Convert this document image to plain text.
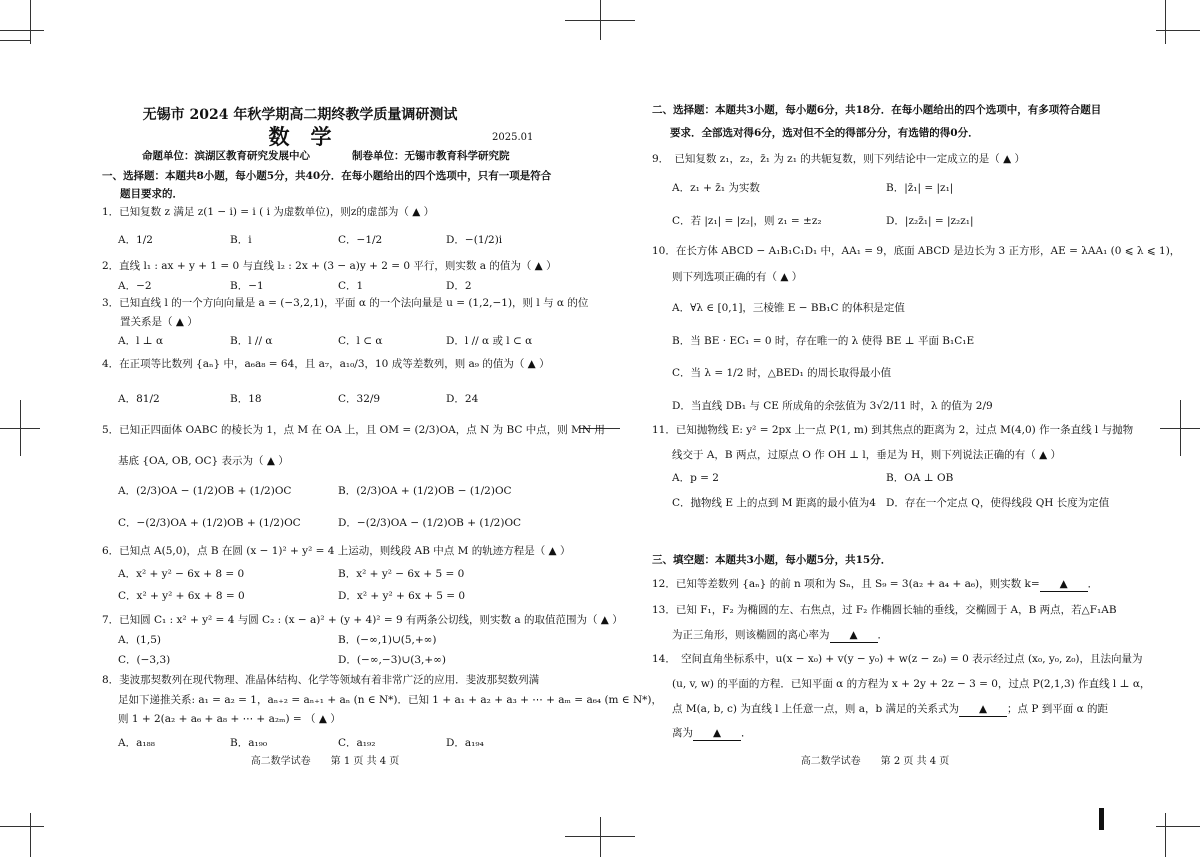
无锡市 2024 年秋学期高二期终教学质量调研测试
数　学	2025.01
命题单位：滨湖区教育研究发展中心　　　　制卷单位：无锡市教育科学研究院
一、选择题：本题共8小题，每小题5分，共40分．在每小题给出的四个选项中，只有一项是符合
题目要求的．
1．已知复数 z 满足 z(1 − i) = i ( i 为虚数单位)，则z的虚部为（ ▲ ）
A．1/2	B．i	C．−1/2	D．−(1/2)i
2．直线 l₁ : ax + y + 1 = 0 与直线 l₂ : 2x + (3 − a)y + 2 = 0 平行，则实数 a 的值为（ ▲ ）
A．−2	B．−1	C．1	D．2
3．已知直线 l 的一个方向向量是 a = (−3,2,1)，平面 α 的一个法向量是 u = (1,2,−1)，则 l 与 α 的位
置关系是（ ▲ ）
A．l ⊥ α	B．l // α	C．l ⊂ α	D．l // α 或 l ⊂ α
4．在正项等比数列 {aₙ} 中，a₆a₈ = 64，且 a₇，a₁₀/3，10 成等差数列，则 a₉ 的值为（ ▲ ）
A．81/2	B．18	C．32/9	D．24
5．已知正四面体 OABC 的棱长为 1，点 M 在 OA 上，且 OM = (2/3)OA，点 N 为 BC 中点，则 MN 用
基底 {OA, OB, OC} 表示为（ ▲ ）
A．(2/3)OA − (1/2)OB + (1/2)OC	B．(2/3)OA + (1/2)OB − (1/2)OC
C．−(2/3)OA + (1/2)OB + (1/2)OC	D．−(2/3)OA − (1/2)OB + (1/2)OC
6．已知点 A(5,0)，点 B 在圆 (x − 1)² + y² = 4 上运动，则线段 AB 中点 M 的轨迹方程是（ ▲ ）
A．x² + y² − 6x + 8 = 0	B．x² + y² − 6x + 5 = 0
C．x² + y² + 6x + 8 = 0	D．x² + y² + 6x + 5 = 0
7．已知圆 C₁ : x² + y² = 4 与圆 C₂ : (x − a)² + (y + 4)² = 9 有两条公切线，则实数 a 的取值范围为（ ▲ ）
A．(1,5)	B．(−∞,1)∪(5,+∞)
C．(−3,3)	D．(−∞,−3)∪(3,+∞)
8．斐波那契数列在现代物理、准晶体结构、化学等领域有着非常广泛的应用．斐波那契数列满
足如下递推关系: a₁ = a₂ = 1，aₙ₊₂ = aₙ₊₁ + aₙ (n ∈ N*)．已知 1 + a₁ + a₂ + a₃ + ⋯ + aₘ = a₆₄ (m ∈ N*)，
则 1 + 2(a₂ + a₆ + a₈ + ⋯ + a₂ₘ) = （ ▲ ）
A．a₁₈₈	B．a₁₉₀	C．a₁₉₂	D．a₁₉₄
高二数学试卷　　第 1 页 共 4 页
二、选择题：本题共3小题，每小题6分，共18分．在每小题给出的四个选项中，有多项符合题目
要求．全部选对得6分，选对但不全的得部分分，有选错的得0分．
9．　已知复数 z₁，z₂，z̄₁ 为 z₁ 的共轭复数，则下列结论中一定成立的是（ ▲ ）
A．z₁ + z̄₁ 为实数	B．|z̄₁| = |z₁|
C．若 |z₁| = |z₂|，则 z₁ = ±z₂	D．|z₂z̄₁| = |z₂z₁|
10．在长方体 ABCD − A₁B₁C₁D₁ 中，AA₁ = 9，底面 ABCD 是边长为 3 正方形，AE = λAA₁ (0 ⩽ λ ⩽ 1)，
则下列选项正确的有（ ▲ ）
A．∀λ ∈ [0,1]，三棱锥 E − BB₁C 的体积是定值
B．当 BE · EC₁ = 0 时，存在唯一的 λ 使得 BE ⊥ 平面 B₁C₁E
C．当 λ = 1/2 时，△BED₁ 的周长取得最小值
D．当直线 DB₁ 与 CE 所成角的余弦值为 3√2/11 时，λ 的值为 2/9
11．已知抛物线 E: y² = 2px 上一点 P(1, m) 到其焦点的距离为 2，过点 M(4,0) 作一条直线 l 与抛物
线交于 A，B 两点，过原点 O 作 OH ⊥ l，垂足为 H，则下列说法正确的有（ ▲ ）
A．p = 2	B．OA ⊥ OB
C．抛物线 E 上的点到 M 距离的最小值为4 D．存在一个定点 Q，使得线段 QH 长度为定值
三、填空题：本题共3小题，每小题5分，共15分．
12．已知等差数列 {aₙ} 的前 n 项和为 Sₙ，且 S₉ = 3(a₂ + a₄ + a₆)，则实数 k= ▲ ．
13．已知 F₁，F₂ 为椭圆的左、右焦点，过 F₂ 作椭圆长轴的垂线，交椭圆于 A，B 两点，若△F₁AB
为正三角形，则该椭圆的离心率为 ▲ ．
14．　空间直角坐标系中，u(x − x₀) + v(y − y₀) + w(z − z₀) = 0 表示经过点 (x₀, y₀, z₀)，且法向量为
(u, v, w) 的平面的方程．已知平面 α 的方程为 x + 2y + 2z − 3 = 0，过点 P(2,1,3) 作直线 l ⊥ α，
点 M(a, b, c) 为直线 l 上任意一点，则 a，b 满足的关系式为 ▲ ；点 P 到平面 α 的距
离为 ▲ ．
高二数学试卷　　第 2 页 共 4 页
